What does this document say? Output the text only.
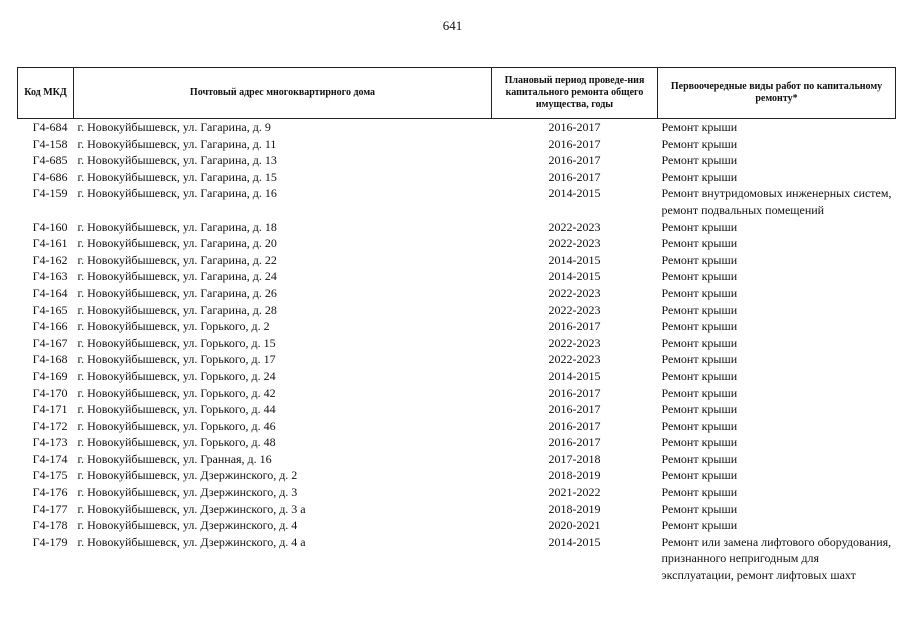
641
Код МКД	Почтовый адрес многоквартирного дома	Плановый период проведе-ния капитального ремонта общего имущества, годы	Первоочередные виды работ по капитальному ремонту*
Г4-684	г. Новокуйбышевск, ул. Гагарина, д. 9	2016-2017	Ремонт крыши
Г4-158	г. Новокуйбышевск, ул. Гагарина, д. 11	2016-2017	Ремонт крыши
Г4-685	г. Новокуйбышевск, ул. Гагарина, д. 13	2016-2017	Ремонт крыши
Г4-686	г. Новокуйбышевск, ул. Гагарина, д. 15	2016-2017	Ремонт крыши
Г4-159	г. Новокуйбышевск, ул. Гагарина, д. 16	2014-2015	Ремонт внутридомовых инженерных систем, ремонт подвальных помещений
Г4-160	г. Новокуйбышевск, ул. Гагарина, д. 18	2022-2023	Ремонт крыши
Г4-161	г. Новокуйбышевск, ул. Гагарина, д. 20	2022-2023	Ремонт крыши
Г4-162	г. Новокуйбышевск, ул. Гагарина, д. 22	2014-2015	Ремонт крыши
Г4-163	г. Новокуйбышевск, ул. Гагарина, д. 24	2014-2015	Ремонт крыши
Г4-164	г. Новокуйбышевск, ул. Гагарина, д. 26	2022-2023	Ремонт крыши
Г4-165	г. Новокуйбышевск, ул. Гагарина, д. 28	2022-2023	Ремонт крыши
Г4-166	г. Новокуйбышевск, ул. Горького, д. 2	2016-2017	Ремонт крыши
Г4-167	г. Новокуйбышевск, ул. Горького, д. 15	2022-2023	Ремонт крыши
Г4-168	г. Новокуйбышевск, ул. Горького, д. 17	2022-2023	Ремонт крыши
Г4-169	г. Новокуйбышевск, ул. Горького, д. 24	2014-2015	Ремонт крыши
Г4-170	г. Новокуйбышевск, ул. Горького, д. 42	2016-2017	Ремонт крыши
Г4-171	г. Новокуйбышевск, ул. Горького, д. 44	2016-2017	Ремонт крыши
Г4-172	г. Новокуйбышевск, ул. Горького, д. 46	2016-2017	Ремонт крыши
Г4-173	г. Новокуйбышевск, ул. Горького, д. 48	2016-2017	Ремонт крыши
Г4-174	г. Новокуйбышевск, ул. Гранная, д. 16	2017-2018	Ремонт крыши
Г4-175	г. Новокуйбышевск, ул. Дзержинского, д. 2	2018-2019	Ремонт крыши
Г4-176	г. Новокуйбышевск, ул. Дзержинского, д. 3	2021-2022	Ремонт крыши
Г4-177	г. Новокуйбышевск, ул. Дзержинского, д. 3 а	2018-2019	Ремонт крыши
Г4-178	г. Новокуйбышевск, ул. Дзержинского, д. 4	2020-2021	Ремонт крыши
Г4-179	г. Новокуйбышевск, ул. Дзержинского, д. 4 а	2014-2015	Ремонт или замена лифтового оборудования, признанного непригодным для эксплуатации, ремонт лифтовых шахт
